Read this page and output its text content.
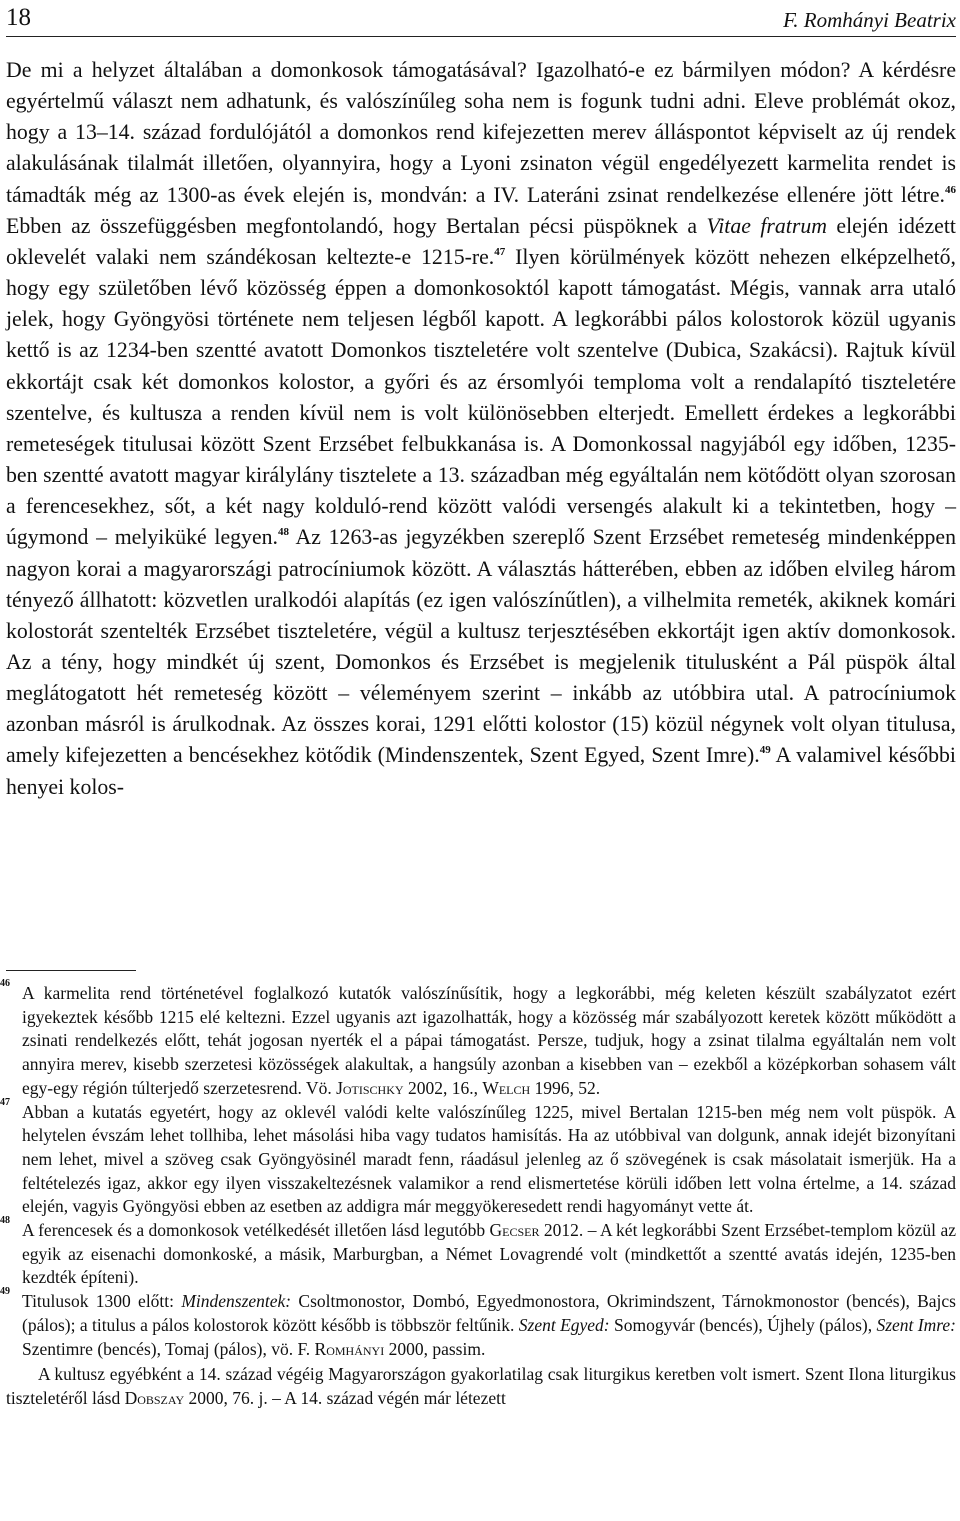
18	F. Romhányi Beatrix

De mi a helyzet általában a domonkosok támogatásával? Igazolható-e ez bármilyen módon? A kérdésre egyértelmű választ nem adhatunk, és valószínűleg soha nem is fogunk tudni adni. Eleve problémát okoz, hogy a 13–14. század fordulójától a domonkos rend kifejezetten merev álláspontot képviselt az új rendek alakulásának tilalmát illetően, olyannyira, hogy a Lyoni zsinaton végül engedélyezett karmelita rendet is támadták még az 1300-as évek elején is, mondván: a IV. Lateráni zsinat rendelkezése ellenére jött létre.$^{46}$ Ebben az összefüggésben megfontolandó, hogy Bertalan pécsi püspöknek a Vitae fratrum elején idézett oklevelét valaki nem szándékosan keltezte-e 1215-re.$^{47}$ Ilyen körülmények között nehezen elképzelhető, hogy egy születőben lévő közösség éppen a domonkosoktól kapott támogatást. Mégis, vannak arra utaló jelek, hogy Gyöngyösi története nem teljesen légből kapott. A legkorábbi pálos kolostorok közül ugyanis kettő is az 1234-ben szentté avatott Domonkos tiszteletére volt szentelve (Dubica, Szakácsi). Rajtuk kívül ekkortájt csak két domonkos kolostor, a győri és az érsomlyói temploma volt a rendalapító tiszteletére szentelve, és kultusza a renden kívül nem is volt különösebben elterjedt. Emellett érdekes a legkorábbi remeteségek titulusai között Szent Erzsébet felbukkanása is. A Domonkossal nagyjából egy időben, 1235-ben szentté avatott magyar királylány tisztelete a 13. században még egyáltalán nem kötődött olyan szorosan a ferencesekhez, sőt, a két nagy kolduló-rend között valódi versengés alakult ki a tekintetben, hogy – úgymond – melyiküké legyen.$^{48}$ Az 1263-as jegyzékben szereplő Szent Erzsébet remeteség mindenképpen nagyon korai a magyarországi patrocíniumok között. A választás hátterében, ebben az időben elvileg három tényező állhatott: közvetlen uralkodói alapítás (ez igen valószínűtlen), a vilhelmita remeték, akiknek komári kolostorát szentelték Erzsébet tiszteletére, végül a kultusz terjesztésében ekkortájt igen aktív domonkosok. Az a tény, hogy mindkét új szent, Domonkos és Erzsébet is megjelenik titulusként a Pál püspök által meglátogatott hét remeteség között – véleményem szerint – inkább az utóbbira utal. A patrocíniumok azonban másról is árulkodnak. Az összes korai, 1291 előtti kolostor (15) közül négynek volt olyan titulusa, amely kifejezetten a bencésekhez kötődik (Mindenszentek, Szent Egyed, Szent Imre).$^{49}$ A valamivel későbbi henyei kolos-

46 A karmelita rend történetével foglalkozó kutatók valószínűsítik, hogy a legkorábbi, még keleten készült szabályzatot ezért igyekeztek később 1215 elé keltezni. Ezzel ugyanis azt igazolhatták, hogy a közösség már szabályozott keretek között működött a zsinati rendelkezés előtt, tehát jogosan nyerték el a pápai támogatást. Persze, tudjuk, hogy a zsinat tilalma egyáltalán nem volt annyira merev, kisebb szerzetesi közösségek alakultak, a hangsúly azonban a kisebben van – ezekből a középkorban sohasem vált egy-egy régión túlterjedő szerzetesrend. Vö. Jotischky 2002, 16., Welch 1996, 52.

47 Abban a kutatás egyetért, hogy az oklevél valódi kelte valószínűleg 1225, mivel Bertalan 1215-ben még nem volt püspök. A helytelen évszám lehet tollhiba, lehet másolási hiba vagy tudatos hamisítás. Ha az utóbbival van dolgunk, annak idejét bizonyítani nem lehet, mivel a szöveg csak Gyöngyösinél maradt fenn, ráadásul jelenleg az ő szövegének is csak másolatait ismerjük. Ha a feltételezés igaz, akkor egy ilyen visszakeltezésnek valamikor a rend elismertetése körüli időben lett volna értelme, a 14. század elején, vagyis Gyöngyösi ebben az esetben az addigra már meggyökeresedett rendi hagyományt vette át.

48 A ferencesek és a domonkosok vetélkedését illetően lásd legutóbb Gecser 2012. – A két legkorábbi Szent Erzsébet-templom közül az egyik az eisenachi domonkoské, a másik, Marburgban, a Német Lovagrendé volt (mindkettőt a szentté avatás idején, 1235-ben kezdték építeni).

49 Titulusok 1300 előtt: Mindenszentek: Csoltmonostor, Dombó, Egyedmonostora, Okrimindszent, Tárnokmonostor (bencés), Bajcs (pálos); a titulus a pálos kolostorok között később is többször feltűnik. Szent Egyed: Somogyvár (bencés), Újhely (pálos), Szent Imre: Szentimre (bencés), Tomaj (pálos), vö. F. Romhányi 2000, passim.

A kultusz egyébként a 14. század végéig Magyarországon gyakorlatilag csak liturgikus keretben volt ismert. Szent Ilona liturgikus tiszteletéről lásd Dobszay 2000, 76. j. – A 14. század végén már létezett
